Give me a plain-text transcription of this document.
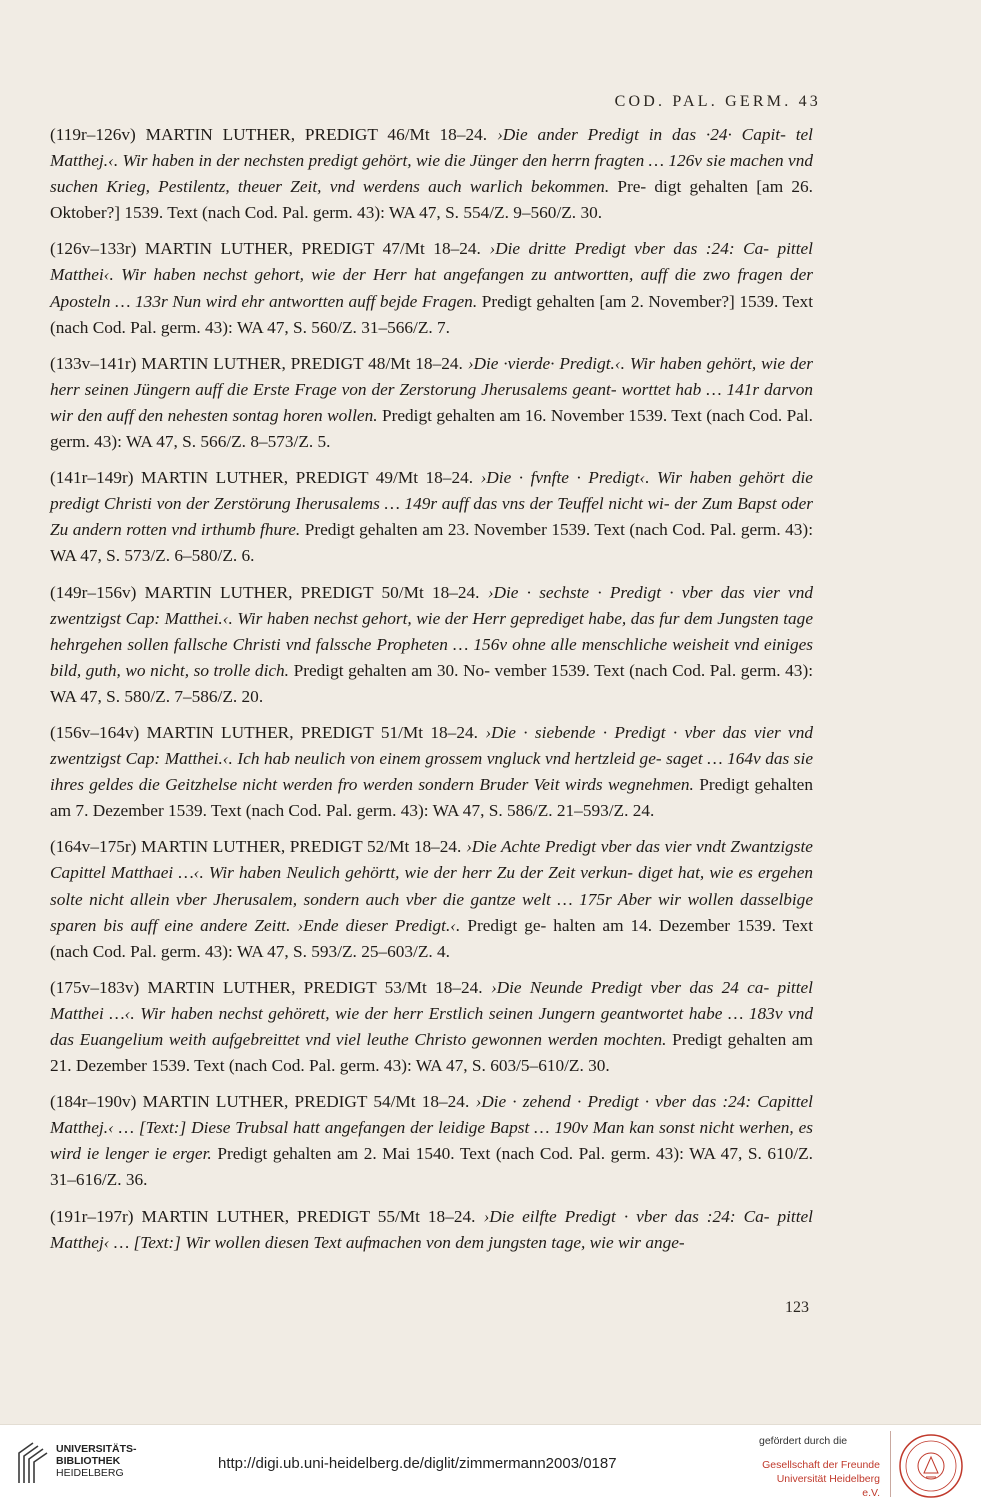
COD. PAL. GERM. 43

(119r–126v) MARTIN LUTHER, PREDIGT 46/Mt 18–24. ›Die ander Predigt in das ·24· Capit- tel Matthej.‹. Wir haben in der nechsten predigt gehört, wie die Jünger den herrn fragten … 126v sie machen vnd suchen Krieg, Pestilentz, theuer Zeit, vnd werdens auch warlich bekommen. Pre- digt gehalten [am 26. Oktober?] 1539. Text (nach Cod. Pal. germ. 43): WA 47, S. 554/Z. 9–560/Z. 30.

(126v–133r) MARTIN LUTHER, PREDIGT 47/Mt 18–24. ›Die dritte Predigt vber das :24: Ca- pittel Matthei‹. Wir haben nechst gehort, wie der Herr hat angefangen zu antwortten, auff die zwo fragen der Aposteln … 133r Nun wird ehr antwortten auff bejde Fragen. Predigt gehalten [am 2. November?] 1539. Text (nach Cod. Pal. germ. 43): WA 47, S. 560/Z. 31–566/Z. 7.

(133v–141r) MARTIN LUTHER, PREDIGT 48/Mt 18–24. ›Die ·vierde· Predigt.‹. Wir haben gehört, wie der herr seinen Jüngern auff die Erste Frage von der Zerstorung Jherusalems geant- worttet hab … 141r darvon wir den auff den nehesten sontag horen wollen. Predigt gehalten am 16. November 1539. Text (nach Cod. Pal. germ. 43): WA 47, S. 566/Z. 8–573/Z. 5.

(141r–149r) MARTIN LUTHER, PREDIGT 49/Mt 18–24. ›Die · fvnfte · Predigt‹. Wir haben gehört die predigt Christi von der Zerstörung Iherusalems … 149r auff das vns der Teuffel nicht wi- der Zum Bapst oder Zu andern rotten vnd irthumb fhure. Predigt gehalten am 23. November 1539. Text (nach Cod. Pal. germ. 43): WA 47, S. 573/Z. 6–580/Z. 6.

(149r–156v) MARTIN LUTHER, PREDIGT 50/Mt 18–24. ›Die · sechste · Predigt · vber das vier vnd zwentzigst Cap: Matthei.‹. Wir haben nechst gehort, wie der Herr geprediget habe, das fur dem Jungsten tage hehrgehen sollen fallsche Christi vnd falssche Propheten … 156v ohne alle menschliche weisheit vnd einiges bild, guth, wo nicht, so trolle dich. Predigt gehalten am 30. No- vember 1539. Text (nach Cod. Pal. germ. 43): WA 47, S. 580/Z. 7–586/Z. 20.

(156v–164v) MARTIN LUTHER, PREDIGT 51/Mt 18–24. ›Die · siebende · Predigt · vber das vier vnd zwentzigst Cap: Matthei.‹. Ich hab neulich von einem grossem vngluck vnd hertzleid ge- saget … 164v das sie ihres geldes die Geitzhelse nicht werden fro werden sondern Bruder Veit wirds wegnehmen. Predigt gehalten am 7. Dezember 1539. Text (nach Cod. Pal. germ. 43): WA 47, S. 586/Z. 21–593/Z. 24.

(164v–175r) MARTIN LUTHER, PREDIGT 52/Mt 18–24. ›Die Achte Predigt vber das vier vndt Zwantzigste Capittel Matthaei …‹. Wir haben Neulich gehörtt, wie der herr Zu der Zeit verkun- diget hat, wie es ergehen solte nicht allein vber Jherusalem, sondern auch vber die gantze welt … 175r Aber wir wollen dasselbige sparen bis auff eine andere Zeitt. ›Ende dieser Predigt.‹. Predigt ge- halten am 14. Dezember 1539. Text (nach Cod. Pal. germ. 43): WA 47, S. 593/Z. 25–603/Z. 4.

(175v–183v) MARTIN LUTHER, PREDIGT 53/Mt 18–24. ›Die Neunde Predigt vber das 24 ca- pittel Matthei …‹. Wir haben nechst gehörett, wie der herr Erstlich seinen Jungern geantwortet habe … 183v vnd das Euangelium weith aufgebreittet vnd viel leuthe Christo gewonnen werden mochten. Predigt gehalten am 21. Dezember 1539. Text (nach Cod. Pal. germ. 43): WA 47, S. 603/5–610/Z. 30.

(184r–190v) MARTIN LUTHER, PREDIGT 54/Mt 18–24. ›Die · zehend · Predigt · vber das :24: Capittel Matthej.‹ … [Text:] Diese Trubsal hatt angefangen der leidige Bapst … 190v Man kan sonst nicht werhen, es wird ie lenger ie erger. Predigt gehalten am 2. Mai 1540. Text (nach Cod. Pal. germ. 43): WA 47, S. 610/Z. 31–616/Z. 36.

(191r–197r) MARTIN LUTHER, PREDIGT 55/Mt 18–24. ›Die eilfte Predigt · vber das :24: Ca- pittel Matthej‹ … [Text:] Wir wollen diesen Text aufmachen von dem jungsten tage, wie wir ange-

123
UNIVERSITÄTS-
BIBLIOTHEK
HEIDELBERG
http://digi.ub.uni-heidelberg.de/diglit/zimmermann2003/0187
gefördert durch die
Gesellschaft der Freunde
Universität Heidelberg e.V.
